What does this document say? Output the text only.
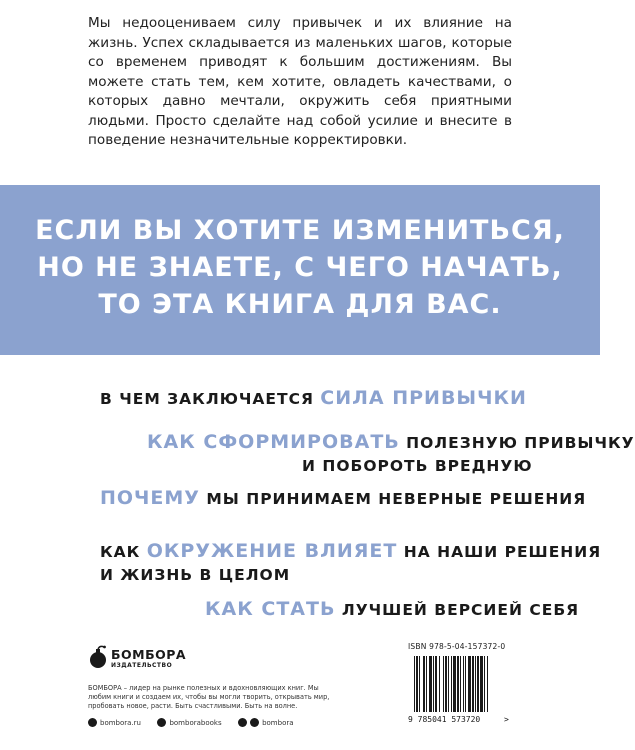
Мы недооцениваем силу привычек и их влияние на жизнь. Успех складывается из маленьких шагов, которые со временем приводят к большим достижениям. Вы можете стать тем, кем хотите, овладеть качествами, о которых давно мечтали, окружить себя приятными людьми. Просто сделайте над собой усилие и внесите в поведение незначительные корректировки.

ЕСЛИ ВЫ ХОТИТЕ ИЗМЕНИТЬСЯ,
НО НЕ ЗНАЕТЕ, С ЧЕГО НАЧАТЬ,
ТО ЭТА КНИГА ДЛЯ ВАС.
В ЧЕМ ЗАКЛЮЧАЕТСЯ СИЛА ПРИВЫЧКИ
КАК СФОРМИРОВАТЬ ПОЛЕЗНУЮ ПРИВЫЧКУ
И ПОБОРОТЬ ВРЕДНУЮ
ПОЧЕМУ МЫ ПРИНИМАЕМ НЕВЕРНЫЕ РЕШЕНИЯ
КАК ОКРУЖЕНИЕ ВЛИЯЕТ НА НАШИ РЕШЕНИЯ
И ЖИЗНЬ В ЦЕЛОМ
КАК СТАТЬ ЛУЧШЕЙ ВЕРСИЕЙ СЕБЯ
БОМБОРА
ИЗДАТЕЛЬСТВО

БОМБОРА – лидер на рынке полезных и вдохновляющих книг. Мы любим книги и создаем их, чтобы вы могли творить, открывать мир, пробовать новое, расти. Быть счастливыми. Быть на волне.

bombora.ru	bomborabooks	bombora
ISBN 978-5-04-157372-0
9 785041 573720	>
